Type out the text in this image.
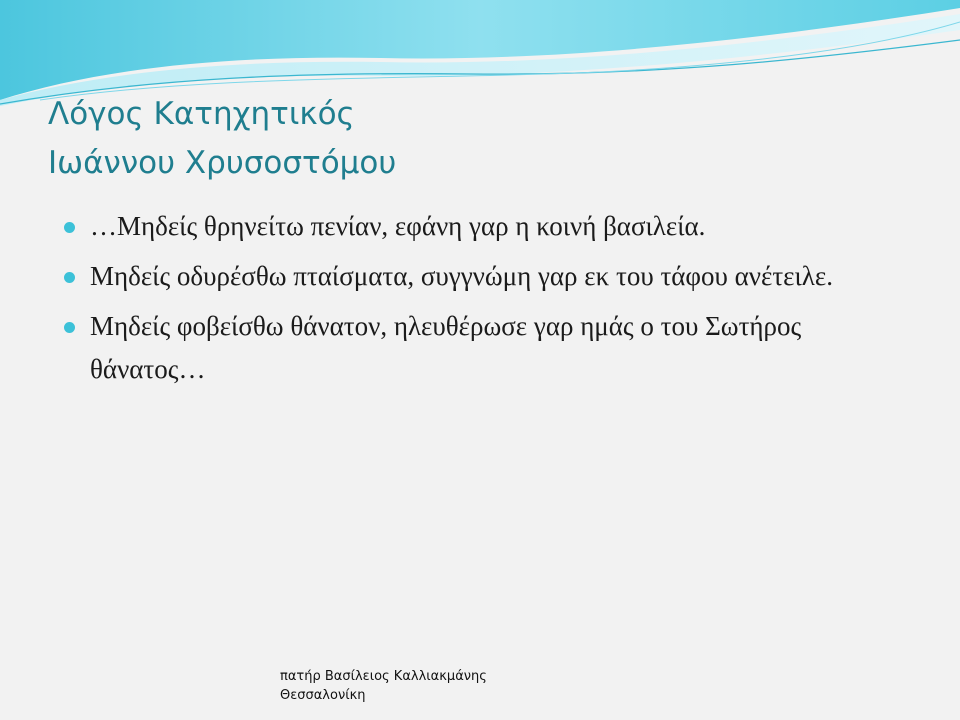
Λόγος Κατηχητικός
Ιωάννου Χρυσοστόμου
…Μηδείς θρηνείτω πενίαν, εφάνη γαρ η κοινή βασιλεία.
Μηδείς οδυρέσθω πταίσματα, συγγνώμη γαρ εκ του τάφου ανέτειλε.
Μηδείς φοβείσθω θάνατον, ηλευθέρωσε γαρ ημάς ο του Σωτήρος θάνατος…
πατήρ Βασίλειος Καλλιακμάνης
Θεσσαλονίκη
